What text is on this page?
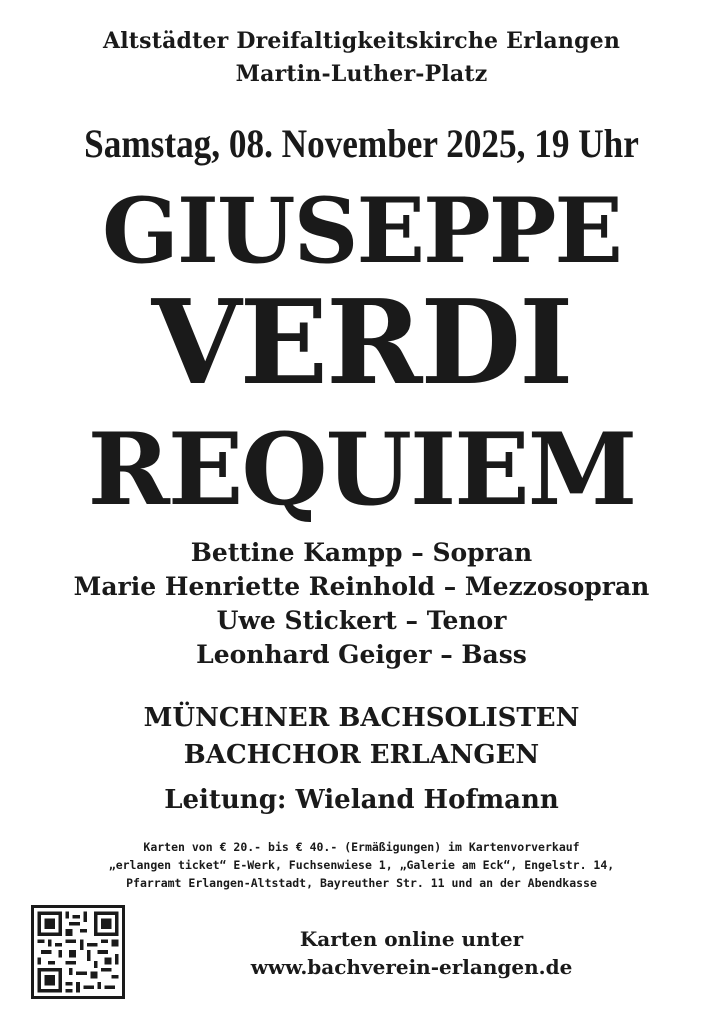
Altstädter Dreifaltigkeitskirche Erlangen
Martin-Luther-Platz
Samstag, 08. November 2025, 19 Uhr
GIUSEPPE
VERDI
REQUIEM
Bettine Kampp – Sopran
Marie Henriette Reinhold – Mezzosopran
Uwe Stickert – Tenor
Leonhard Geiger – Bass
MÜNCHNER BACHSOLISTEN
BACHCHOR ERLANGEN
Leitung: Wieland Hofmann
Karten von € 20.- bis € 40.- (Ermäßigungen) im Kartenvorverkauf
„erlangen ticket“ E-Werk, Fuchsenwiese 1, „Galerie am Eck“, Engelstr. 14,
Pfarramt Erlangen-Altstadt, Bayreuther Str. 11 und an der Abendkasse
Karten online unter
www.bachverein-erlangen.de
